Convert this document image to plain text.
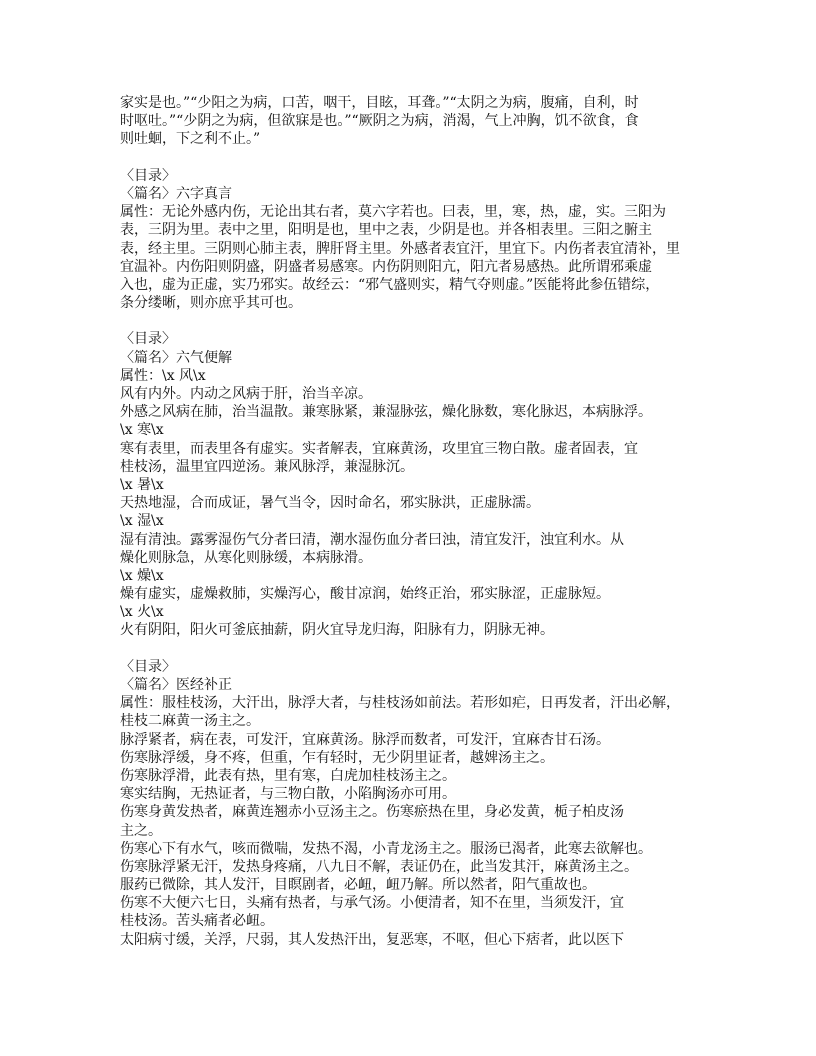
家实是也。”“少阳之为病，口苦，咽干，目眩，耳聋。”“太阴之为病，腹痛，自利，时
时呕吐。”“少阴之为病，但欲寐是也。”“厥阴之为病，消渴，气上冲胸，饥不欲食，食
则吐蛔，下之利不止。”
〈目录〉
〈篇名〉六字真言
属性：无论外感内伤，无论出其右者，莫六字若也。曰表，里，寒，热，虚，实。三阳为
表，三阴为里。表中之里，阳明是也，里中之表，少阴是也。并各相表里。三阳之腑主
表，经主里。三阴则心肺主表，脾肝肾主里。外感者表宜汗，里宜下。内伤者表宜清补，里
宜温补。内伤阳则阴盛，阴盛者易感寒。内伤阴则阳亢，阳亢者易感热。此所谓邪乘虚
入也，虚为正虚，实乃邪实。故经云：“邪气盛则实，精气夺则虚。”医能将此参伍错综，
条分缕晰，则亦庶乎其可也。
〈目录〉
〈篇名〉六气便解
属性：\x 风\x
风有内外。内动之风病于肝，治当辛凉。
外感之风病在肺，治当温散。兼寒脉紧，兼湿脉弦，燥化脉数，寒化脉迟，本病脉浮。
\x 寒\x
寒有表里，而表里各有虚实。实者解表，宜麻黄汤，攻里宜三物白散。虚者固表，宜
桂枝汤，温里宜四逆汤。兼风脉浮，兼湿脉沉。
\x 暑\x
天热地湿，合而成证，暑气当令，因时命名，邪实脉洪，正虚脉濡。
\x 湿\x
湿有清浊。露雾湿伤气分者曰清，潮水湿伤血分者曰浊，清宜发汗，浊宜利水。从
燥化则脉急，从寒化则脉缓，本病脉滑。
\x 燥\x
燥有虚实，虚燥救肺，实燥泻心，酸甘凉润，始终正治，邪实脉涩，正虚脉短。
\x 火\x
火有阴阳，阳火可釜底抽薪，阴火宜导龙归海，阳脉有力，阴脉无神。
〈目录〉
〈篇名〉医经补正
属性：服桂枝汤，大汗出，脉浮大者，与桂枝汤如前法。若形如疟，日再发者，汗出必解，
桂枝二麻黄一汤主之。
脉浮紧者，病在表，可发汗，宜麻黄汤。脉浮而数者，可发汗，宜麻杏甘石汤。
伤寒脉浮缓，身不疼，但重，乍有轻时，无少阴里证者，越婢汤主之。
伤寒脉浮滑，此表有热，里有寒，白虎加桂枝汤主之。
寒实结胸，无热证者，与三物白散，小陷胸汤亦可用。
伤寒身黄发热者，麻黄连翘赤小豆汤主之。伤寒瘀热在里，身必发黄，栀子柏皮汤
主之。
伤寒心下有水气，咳而微喘，发热不渴，小青龙汤主之。服汤已渴者，此寒去欲解也。
伤寒脉浮紧无汗，发热身疼痛，八九日不解，表证仍在，此当发其汗，麻黄汤主之。
服药已微除，其人发汗，目瞑剧者，必衄，衄乃解。所以然者，阳气重故也。
伤寒不大便六七日，头痛有热者，与承气汤。小便清者，知不在里，当须发汗，宜
桂枝汤。苦头痛者必衄。
太阳病寸缓，关浮，尺弱，其人发热汗出，复恶寒，不呕，但心下痞者，此以医下
